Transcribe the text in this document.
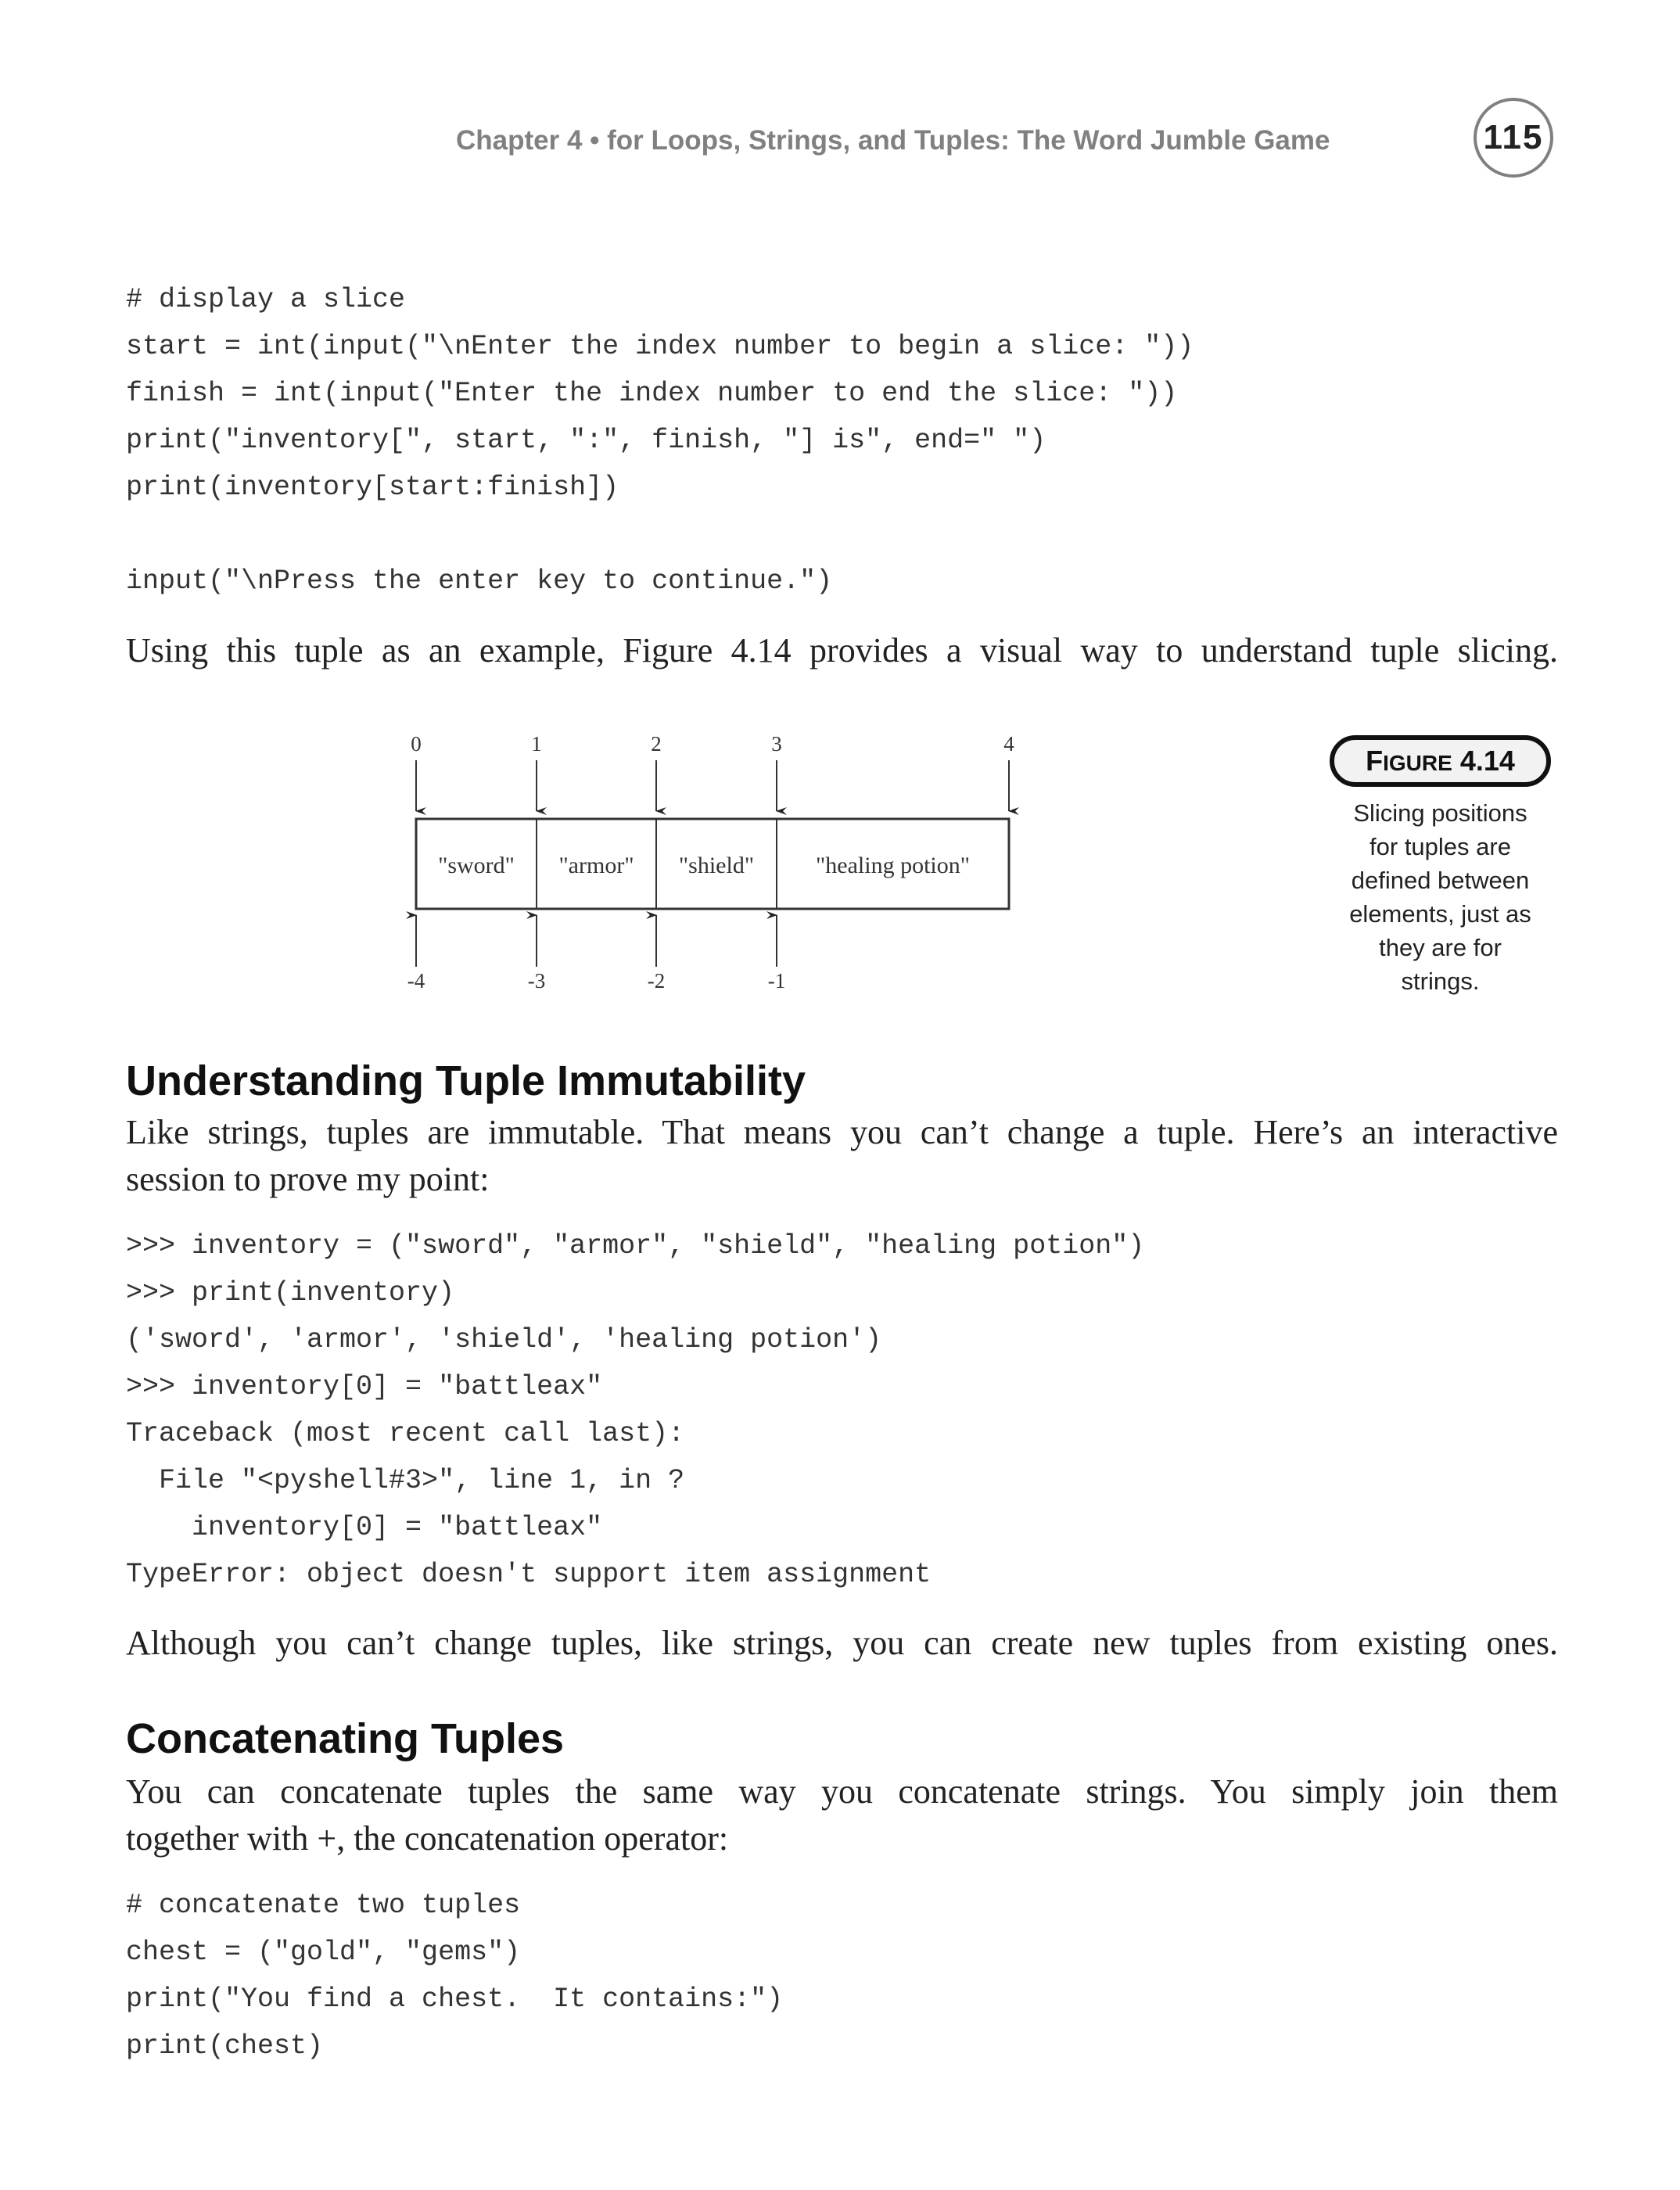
Chapter 4 • for Loops, Strings, and Tuples: The Word Jumble Game	115
# display a slice
start = int(input("\nEnter the index number to begin a slice: "))
finish = int(input("Enter the index number to end the slice: "))
print("inventory[", start, ":", finish, "] is", end=" ")
print(inventory[start:finish])
input("\nPress the enter key to continue.")
Using this tuple as an example, Figure 4.14 provides a visual way to understand tuple slicing.
"sword" "armor" "shield"	"healing potion"
0	1	2	3	4
-4	-3	-2	-1
FIGURE 4.14
Slicing positions
for tuples are
defined between
elements, just as
they are for
strings.
Understanding Tuple Immutability
Like strings, tuples are immutable. That means you can’t change a tuple. Here’s an interactive
session to prove my point:
>>> inventory = ("sword", "armor", "shield", "healing potion")
>>> print(inventory)
('sword', 'armor', 'shield', 'healing potion')
>>> inventory[0] = "battleax"
Traceback (most recent call last):
File "<pyshell#3>", line 1, in ?
inventory[0] = "battleax"
TypeError: object doesn't support item assignment
Although you can’t change tuples, like strings, you can create new tuples from existing ones.
Concatenating Tuples
You can concatenate tuples the same way you concatenate strings. You simply join them
together with +, the concatenation operator:
# concatenate two tuples
chest = ("gold", "gems")
print("You find a chest.  It contains:")
print(chest)
